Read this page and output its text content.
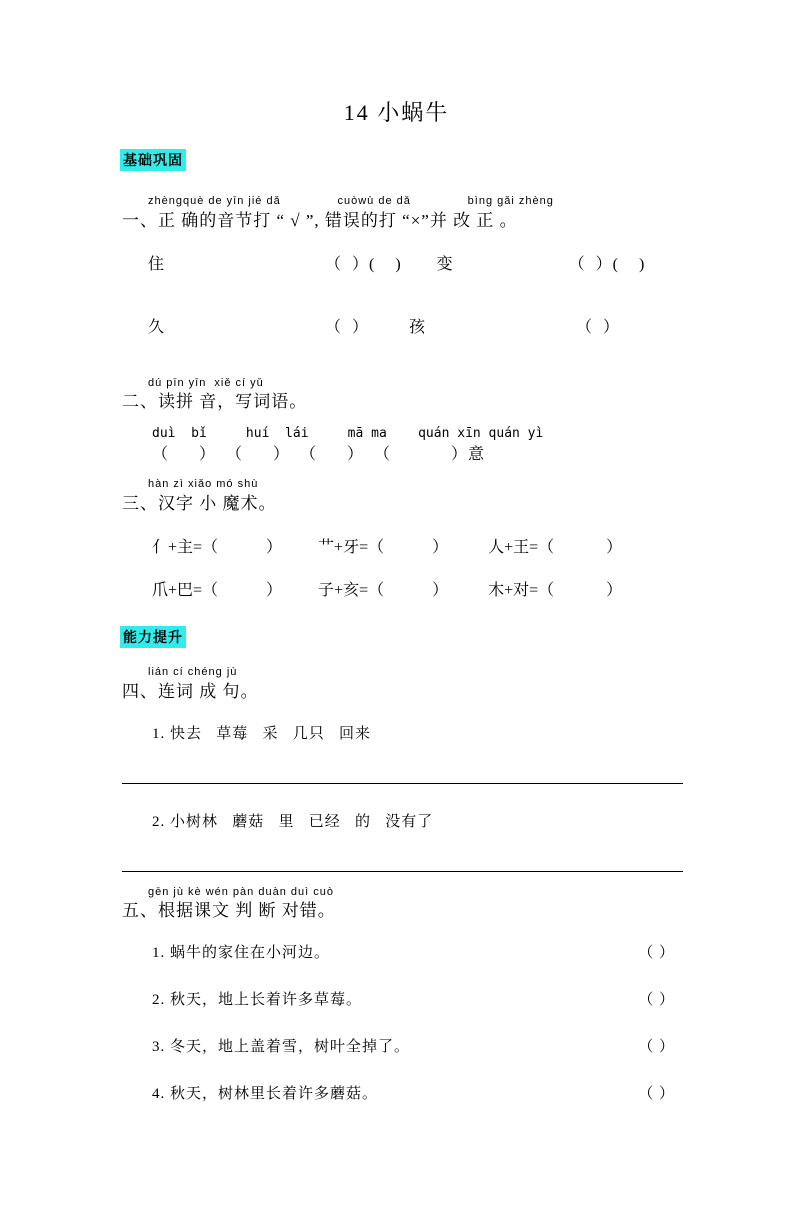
14 小蜗牛
基础巩固
zhèngquè de yīn jié dǎ              cuòwù de dǎ              bìng gǎi zhèng
一、正 确的音节打 “ √ ”, 错误的打 “×”并 改 正 。
住                                （  ）(    )       变                       （  ）(    )
久                                （  ）        孩                              （  ）
dú pīn yīn  xiě cí yǔ
二、读拼 音，写词语。
duì  bǐ     huí  lái     mā ma    quán xīn quán yì
（      ）  （      ）  （      ）  （            ）意
hàn zì xiǎo mó shù
三、汉字 小 魔术。
亻+主=（            ）         艹+牙=（            ）          人+王=（             ）
爪+巴=（            ）         子+亥=（            ）          木+对=（             ）
能力提升
lián cí chéng jù
四、连词 成 句。
1. 快去   草莓   采   几只   回来
2. 小树林   蘑菇   里   已经   的   没有了
gēn jù kè wén pàn duàn duì cuò
五、根据课文 判 断 对错。
1. 蜗牛的家住在小河边。	（ ）
2. 秋天，地上长着许多草莓。	（ ）
3. 冬天，地上盖着雪，树叶全掉了。	（ ）
4. 秋天，树林里长着许多蘑菇。	（ ）
